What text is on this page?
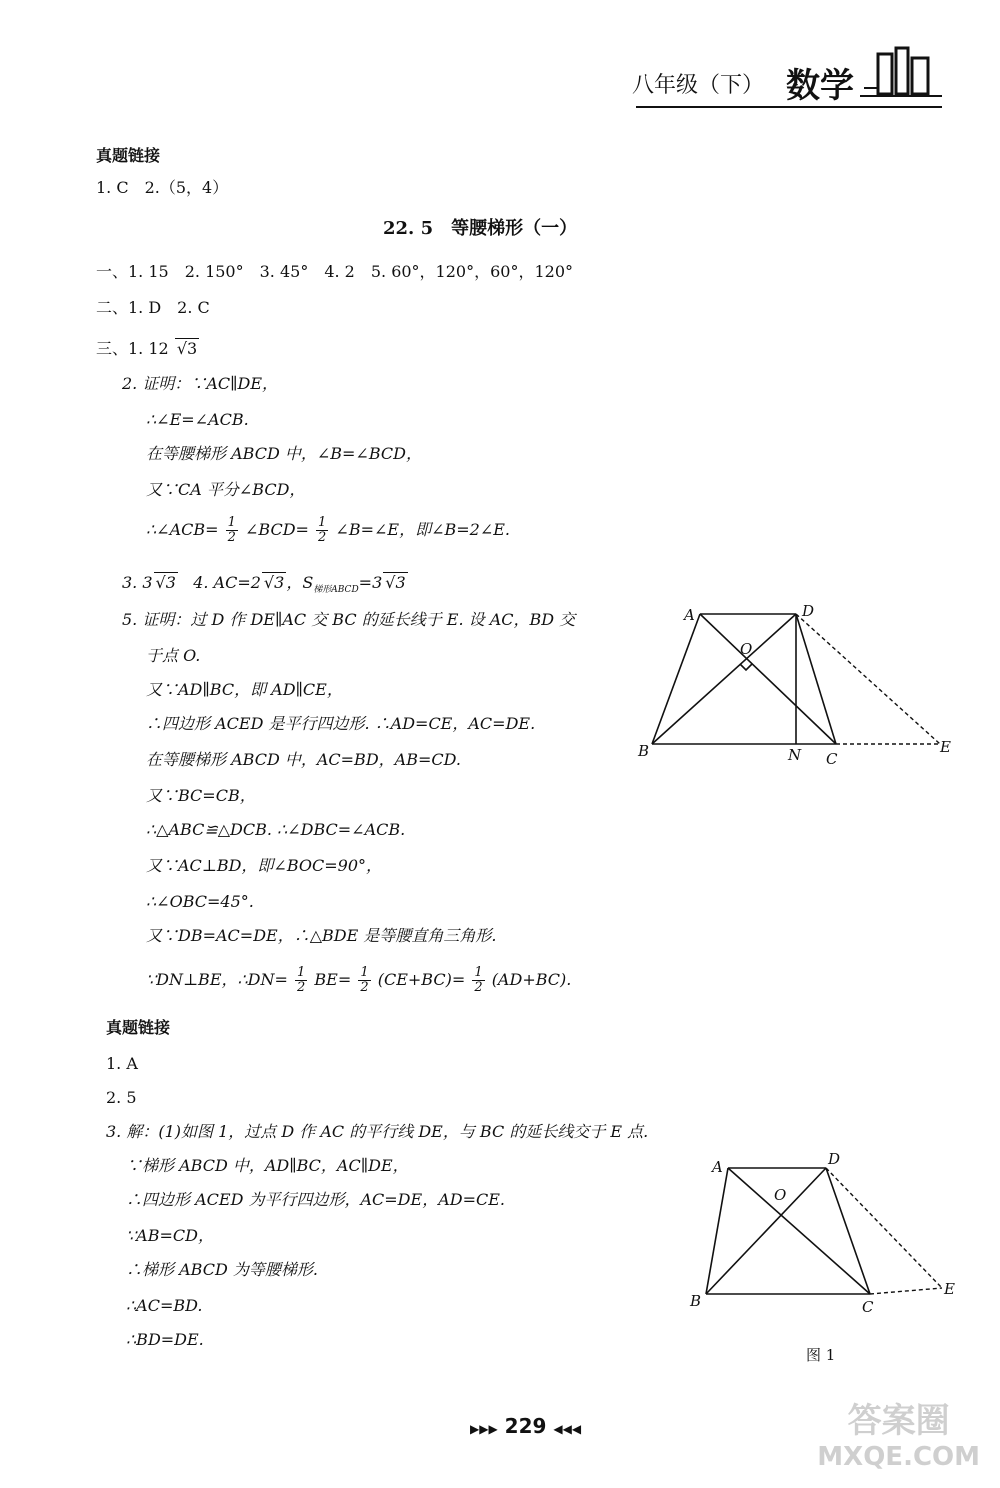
八年级（下） 数学
真题链接
1. C　2.（5，4）
22. 5　等腰梯形（一）
一、1. 15　2. 150°　3. 45°　4. 2　5. 60°，120°，60°，120°
二、1. D　2. C
三、1. 12 √3
2. 证明：∵AC∥DE，
∴∠E=∠ACB.
在等腰梯形 ABCD 中，∠B=∠BCD，
又∵CA 平分∠BCD，
∴∠ACB= $\frac{1}{2}$ ∠BCD= $\frac{1}{2}$ ∠B=∠E，即∠B=2∠E.
3. 3 √3 4. AC=2 √3 ，$S_{梯形ABCD}=3$ √3
5. 证明：过 D 作 DE∥AC 交 BC 的延长线于 E. 设 AC，BD 交
于点 O.
又∵AD∥BC，即 AD∥CE，
∴四边形 ACED 是平行四边形. ∴AD=CE，AC=DE.
在等腰梯形 ABCD 中，AC=BD，AB=CD.
又∵BC=CB，
∴△ABC≌△DCB. ∴∠DBC=∠ACB.
又∵AC⊥BD，即∠BOC=90°，
∴∠OBC=45°.
又∵DB=AC=DE，∴△BDE 是等腰直角三角形.
∵DN⊥BE，∴DN= $\frac{1}{2} BE= \frac{1}{2} (CE+BC)= \frac{1}{2} (AD+BC)$.
A	D
O
B	N C
E
真题链接
1. A
2. 5
3. 解：(1)如图 1，过点 D 作 AC 的平行线 DE，与 BC 的延长线交于 E 点.
∵梯形 ABCD 中，AD∥BC，AC∥DE，
∴四边形 ACED 为平行四边形，AC=DE，AD=CE.
∵AB=CD，
∴梯形 ABCD 为等腰梯形.
∴AC=BD.
∴BD=DE.
A	D
O
B	C
E
图 1
▶▶▶ 229 ◀◀◀	答案圈
MXQE.COM
